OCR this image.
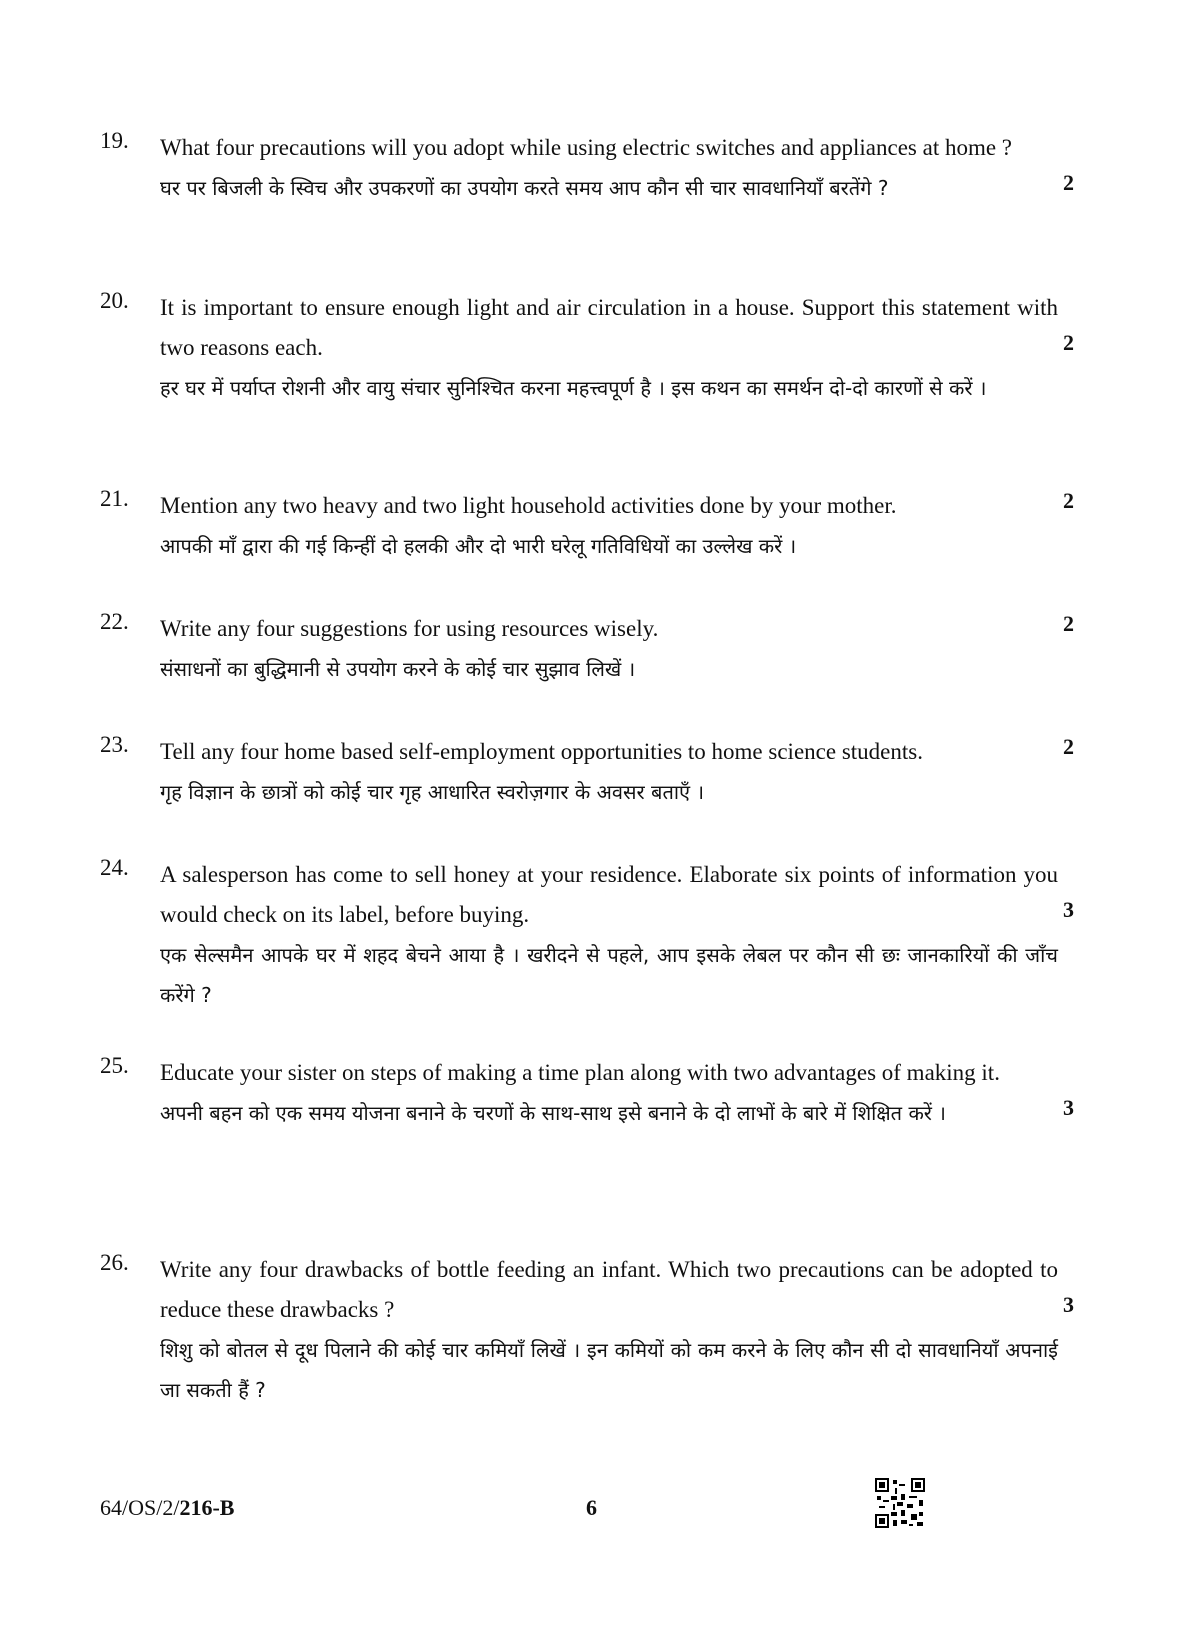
19. What four precautions will you adopt while using electric switches and appliances at home ?
घर पर बिजली के स्विच और उपकरणों का उपयोग करते समय आप कौन सी चार सावधानियाँ बरतेंगे ?	2
20. It is important to ensure enough light and air circulation in a house. Support this statement with two reasons each.
हर घर में पर्याप्त रोशनी और वायु संचार सुनिश्चित करना महत्त्वपूर्ण है । इस कथन का समर्थन दो-दो कारणों से करें ।
2
21. Mention any two heavy and two light household activities done by your mother.
आपकी माँ द्वारा की गई किन्हीं दो हलकी और दो भारी घरेलू गतिविधियों का उल्लेख करें ।
2
22. Write any four suggestions for using resources wisely.
संसाधनों का बुद्धिमानी से उपयोग करने के कोई चार सुझाव लिखें ।
2
23. Tell any four home based self-employment opportunities to home science students.
गृह विज्ञान के छात्रों को कोई चार गृह आधारित स्वरोज़गार के अवसर बताएँ ।
2
24. A salesperson has come to sell honey at your residence. Elaborate six points of information you would check on its label, before buying.
एक सेल्समैन आपके घर में शहद बेचने आया है । खरीदने से पहले, आप इसके लेबल पर कौन सी छः जानकारियों की जाँच करेंगे ?
3
25. Educate your sister on steps of making a time plan along with two advantages of making it.
अपनी बहन को एक समय योजना बनाने के चरणों के साथ-साथ इसे बनाने के दो लाभों के बारे में शिक्षित करें ।	3
26. Write any four drawbacks of bottle feeding an infant. Which two precautions can be adopted to reduce these drawbacks ?
शिशु को बोतल से दूध पिलाने की कोई चार कमियाँ लिखें । इन कमियों को कम करने के लिए कौन सी दो सावधानियाँ अपनाई जा सकती हैं ?
3
64/OS/2/216-B	6
